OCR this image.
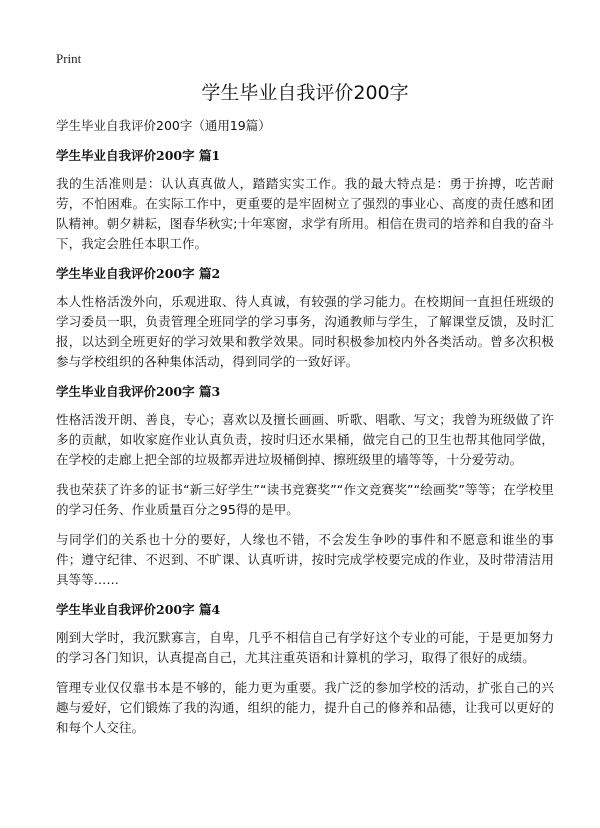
Print
学生毕业自我评价200字
学生毕业自我评价200字（通用19篇）
学生毕业自我评价200字 篇1

我的生活准则是：认认真真做人，踏踏实实工作。我的最大特点是：勇于拚搏，吃苦耐劳，不怕困难。在实际工作中，更重要的是牢固树立了强烈的事业心、高度的责任感和团队精神。朝夕耕耘，图春华秋实;十年寒窗，求学有所用。相信在贵司的培养和自我的奋斗下，我定会胜任本职工作。

学生毕业自我评价200字 篇2

本人性格活泼外向，乐观进取、待人真诚，有较强的学习能力。在校期间一直担任班级的学习委员一职，负责管理全班同学的学习事务，沟通教师与学生，了解课堂反馈，及时汇报，以达到全班更好的学习效果和教学效果。同时积极参加校内外各类活动。曾多次积极参与学校组织的各种集体活动，得到同学的一致好评。

学生毕业自我评价200字 篇3

性格活泼开朗、善良，专心；喜欢以及擅长画画、听歌、唱歌、写文；我曾为班级做了许多的贡献，如收家庭作业认真负责，按时归还水果桶，做完自己的卫生也帮其他同学做，在学校的走廊上把全部的垃圾都弄进垃圾桶倒掉、擦班级里的墙等等，十分爱劳动。

我也荣获了许多的证书“新三好学生”“读书竞赛奖”“作文竞赛奖”“绘画奖”等等；在学校里的学习任务、作业质量百分之95得的是甲。

与同学们的关系也十分的要好，人缘也不错，不会发生争吵的事件和不愿意和谁坐的事件；遵守纪律、不迟到、不旷课、认真听讲，按时完成学校要完成的作业，及时带清洁用具等等……

学生毕业自我评价200字 篇4

刚到大学时，我沉默寡言，自卑，几乎不相信自己有学好这个专业的可能，于是更加努力的学习各门知识，认真提高自己，尤其注重英语和计算机的学习，取得了很好的成绩。

管理专业仅仅靠书本是不够的，能力更为重要。我广泛的参加学校的活动，扩张自己的兴趣与爱好，它们锻炼了我的沟通，组织的能力，提升自己的修养和品德，让我可以更好的和每个人交往。
